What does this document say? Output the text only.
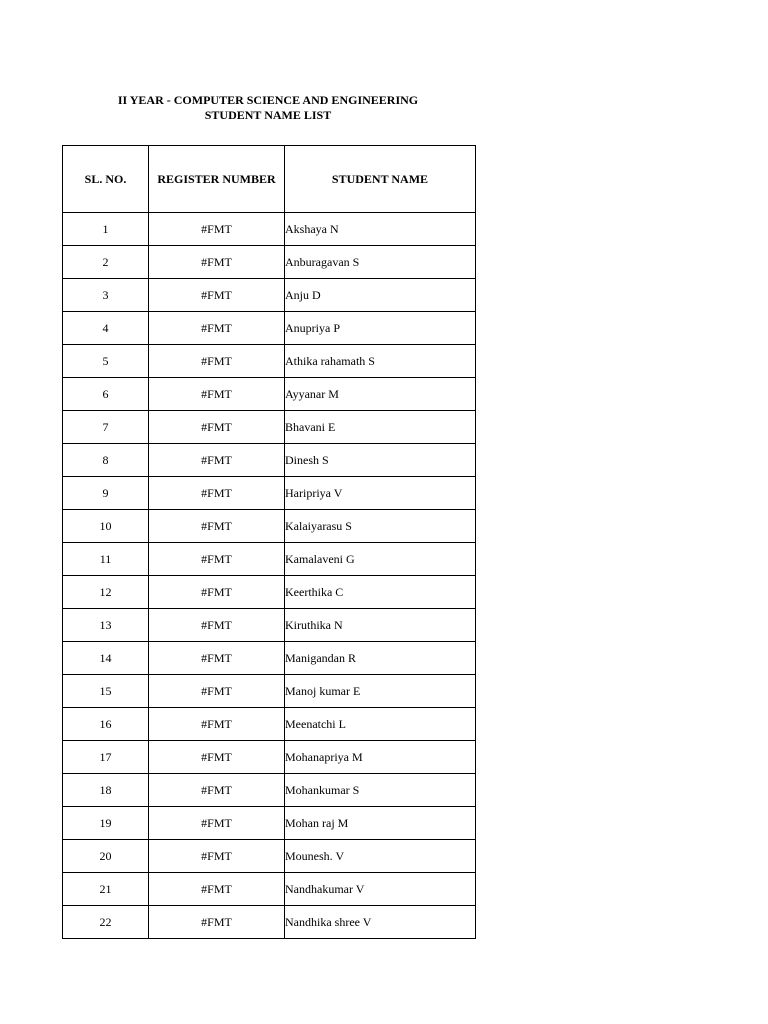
II YEAR - COMPUTER SCIENCE AND ENGINEERING
STUDENT NAME LIST
SL. NO.	REGISTER NUMBER	STUDENT NAME
1	#FMT	Akshaya N
2	#FMT	Anburagavan S
3	#FMT	Anju D
4	#FMT	Anupriya P
5	#FMT	Athika rahamath S
6	#FMT	Ayyanar M
7	#FMT	Bhavani E
8	#FMT	Dinesh S
9	#FMT	Haripriya V
10	#FMT	Kalaiyarasu S
11	#FMT	Kamalaveni G
12	#FMT	Keerthika C
13	#FMT	Kiruthika N
14	#FMT	Manigandan R
15	#FMT	Manoj kumar E
16	#FMT	Meenatchi L
17	#FMT	Mohanapriya M
18	#FMT	Mohankumar S
19	#FMT	Mohan raj M
20	#FMT	Mounesh. V
21	#FMT	Nandhakumar V
22	#FMT	Nandhika shree V
